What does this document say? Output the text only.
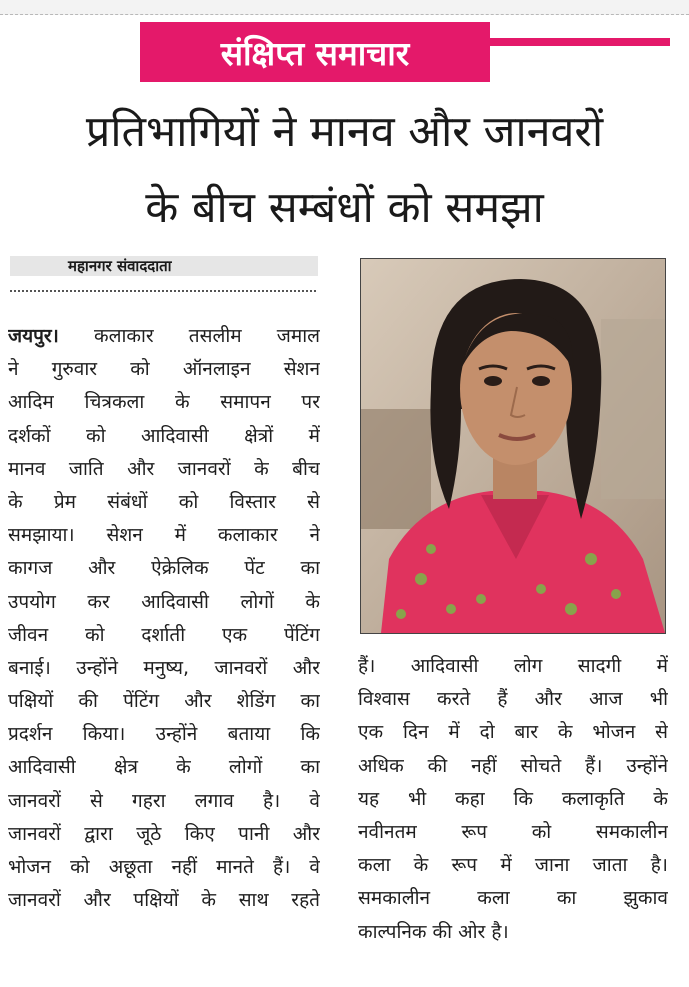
संक्षिप्त समाचार
प्रतिभागियों ने मानव और जानवरों
के बीच सम्बंधों को समझा
महानगर संवाददाता

जयपुर। कलाकार तसलीम जमाल

ने गुरुवार को ऑनलाइन सेशन

आदिम चित्रकला के समापन पर

दर्शकों को आदिवासी क्षेत्रों में

मानव जाति और जानवरों के बीच

के प्रेम संबंधों को विस्तार से

समझाया। सेशन में कलाकार ने

कागज और ऐक्रेलिक पेंट का

उपयोग कर आदिवासी लोगों के

जीवन को दर्शाती एक पेंटिंग

बनाई। उन्होंने मनुष्य, जानवरों और

पक्षियों की पेंटिंग और शेडिंग का

प्रदर्शन किया। उन्होंने बताया कि

आदिवासी क्षेत्र के लोगों का

जानवरों से गहरा लगाव है। वे

जानवरों द्वारा जूठे किए पानी और

भोजन को अछूता नहीं मानते हैं। वे

जानवरों और पक्षियों के साथ रहते

हैं। आदिवासी लोग सादगी में

विश्वास करते हैं और आज भी

एक दिन में दो बार के भोजन से

अधिक की नहीं सोचते हैं। उन्होंने

यह भी कहा कि कलाकृति के

नवीनतम रूप को समकालीन

कला के रूप में जाना जाता है।

समकालीन कला का झुकाव

काल्पनिक की ओर है।
